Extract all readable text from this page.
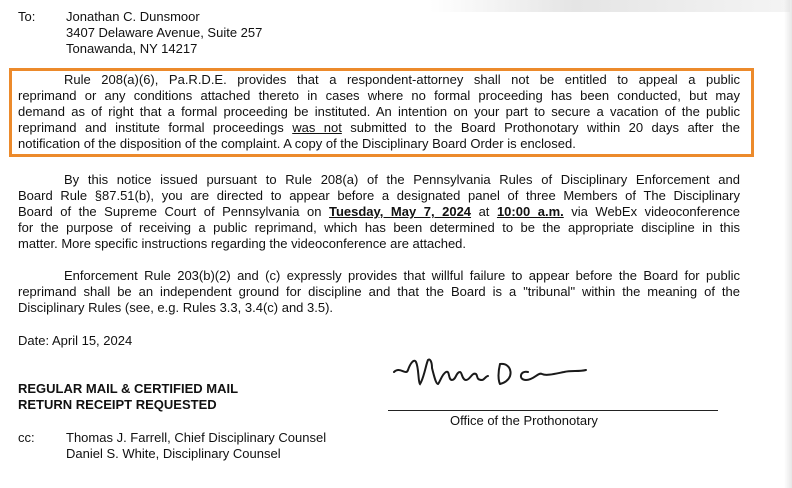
To: Jonathan C. Dunsmoor
3407 Delaware Avenue, Suite 257
Tonawanda, NY 14217
Rule 208(a)(6), Pa.R.D.E. provides that a respondent-attorney shall not be entitled to appeal a public
reprimand or any conditions attached thereto in cases where no formal proceeding has been conducted, but may
demand as of right that a formal proceeding be instituted. An intention on your part to secure a vacation of the public
reprimand and institute formal proceedings was not submitted to the Board Prothonotary within 20 days after the
notification of the disposition of the complaint. A copy of the Disciplinary Board Order is enclosed.
By this notice issued pursuant to Rule 208(a) of the Pennsylvania Rules of Disciplinary Enforcement and
Board Rule §87.51(b), you are directed to appear before a designated panel of three Members of The Disciplinary
Board of the Supreme Court of Pennsylvania on Tuesday, May 7, 2024 at 10:00 a.m. via WebEx videoconference
for the purpose of receiving a public reprimand, which has been determined to be the appropriate discipline in this
matter. More specific instructions regarding the videoconference are attached.
Enforcement Rule 203(b)(2) and (c) expressly provides that willful failure to appear before the Board for public
reprimand shall be an independent ground for discipline and that the Board is a "tribunal" within the meaning of the
Disciplinary Rules (see, e.g. Rules 3.3, 3.4(c) and 3.5).
Date: April 15, 2024
REGULAR MAIL & CERTIFIED MAIL
RETURN RECEIPT REQUESTED
Office of the Prothonotary
cc: Thomas J. Farrell, Chief Disciplinary Counsel
Daniel S. White, Disciplinary Counsel
